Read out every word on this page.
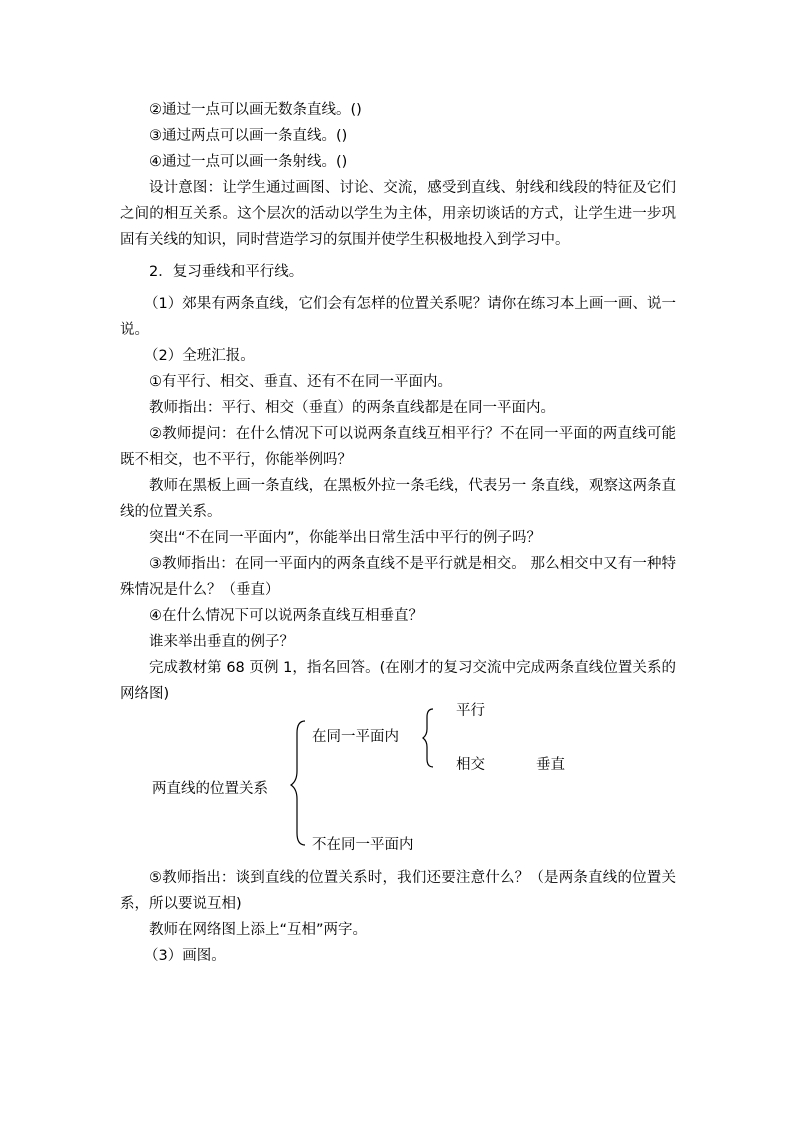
②通过一点可以画无数条直线。()

③通过两点可以画一条直线。()

④通过一点可以画一条射线。()

设计意图：让学生通过画图、讨论、交流，感受到直线、射线和线段的特征及它们之间的相互关系。这个层次的活动以学生为主体，用亲切谈话的方式，让学生进一步巩固有关线的知识，同时营造学习的氛围并使学生积极地投入到学习中。

2．复习垂线和平行线。

（1）郊果有两条直线，它们会有怎样的位置关系呢？请你在练习本上画一画、说一说。

（2）全班汇报。

①有平行、相交、垂直、还有不在同一平面内。

教师指出：平行、相交（垂直）的两条直线都是在同一平面内。

②教师提问：在什么情况下可以说两条直线互相平行？不在同一平面的两直线可能既不相交，也不平行，你能举例吗？

教师在黑板上画一条直线，在黑板外拉一条毛线，代表另一 条直线，观察这两条直线的位置关系。

突出“不在同一平面内”，你能举出日常生活中平行的例子吗？

③教师指出：在同一平面内的两条直线不是平行就是相交。 那么相交中又有一种特殊情况是什么？（垂直）

④在什么情况下可以说两条直线互相垂直？

谁来举出垂直的例子？

完成教材第 68 页例 1，指名回答。(在刚才的复习交流中完成两条直线位置关系的网络图)

两直线的位置关系
在同一平面内
平行
相交	垂直
不在同一平面内

⑤教师指出：谈到直线的位置关系时，我们还要注意什么？（是两条直线的位置关系，所以要说互相)

教师在网络图上添上“互相”两字。

（3）画图。
